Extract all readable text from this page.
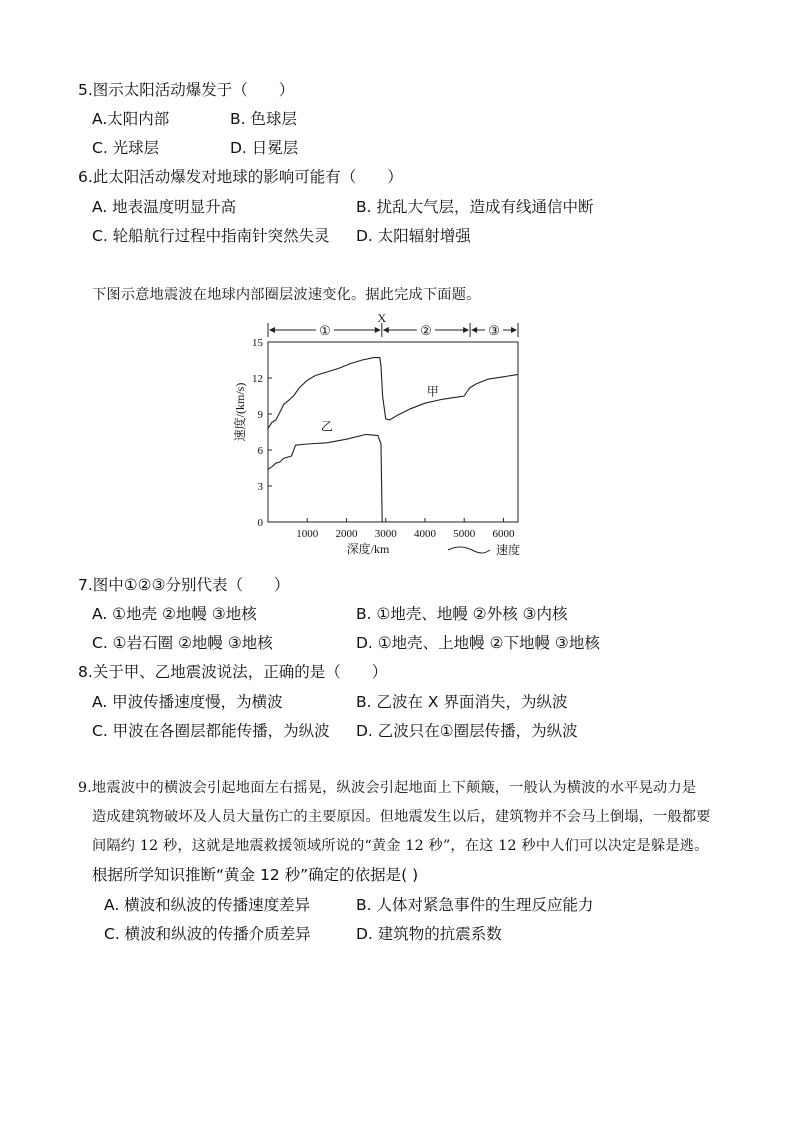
5.图示太阳活动爆发于（　　）
A.太阳内部	B. 色球层
C. 光球层	D. 日冕层
6.此太阳活动爆发对地球的影响可能有（　　）
A. 地表温度明显升高	B. 扰乱大气层，造成有线通信中断
C. 轮船航行过程中指南针突然失灵 D. 太阳辐射增强
下图示意地震波在地球内部圈层波速变化。据此完成下面题。
0
3
6
9
12
15
1000 2000 3000 4000 5000 6000
速度/(km/s)
深度/km	速度
①	②	③
X
甲
乙
7.图中①②③分别代表（　　）
A. ①地壳 ②地幔 ③地核	B. ①地壳、地幔 ②外核 ③内核
C. ①岩石圈 ②地幔 ③地核	D. ①地壳、上地幔 ②下地幔 ③地核
8.关于甲、乙地震波说法，正确的是（　　）
A. 甲波传播速度慢，为横波	B. 乙波在 X 界面消失，为纵波
C. 甲波在各圈层都能传播，为纵波 D. 乙波只在①圈层传播，为纵波
9.地震波中的横波会引起地面左右摇晃，纵波会引起地面上下颠簸，一般认为横波的水平晃动力是
造成建筑物破坏及人员大量伤亡的主要原因。但地震发生以后，建筑物并不会马上倒塌，一般都要
间隔约 12 秒，这就是地震救援领域所说的“黄金 12 秒”，在这 12 秒中人们可以决定是躲是逃。
根据所学知识推断“黄金 12 秒”确定的依据是( )
A. 横波和纵波的传播速度差异	B. 人体对紧急事件的生理反应能力
C. 横波和纵波的传播介质差异	D. 建筑物的抗震系数
